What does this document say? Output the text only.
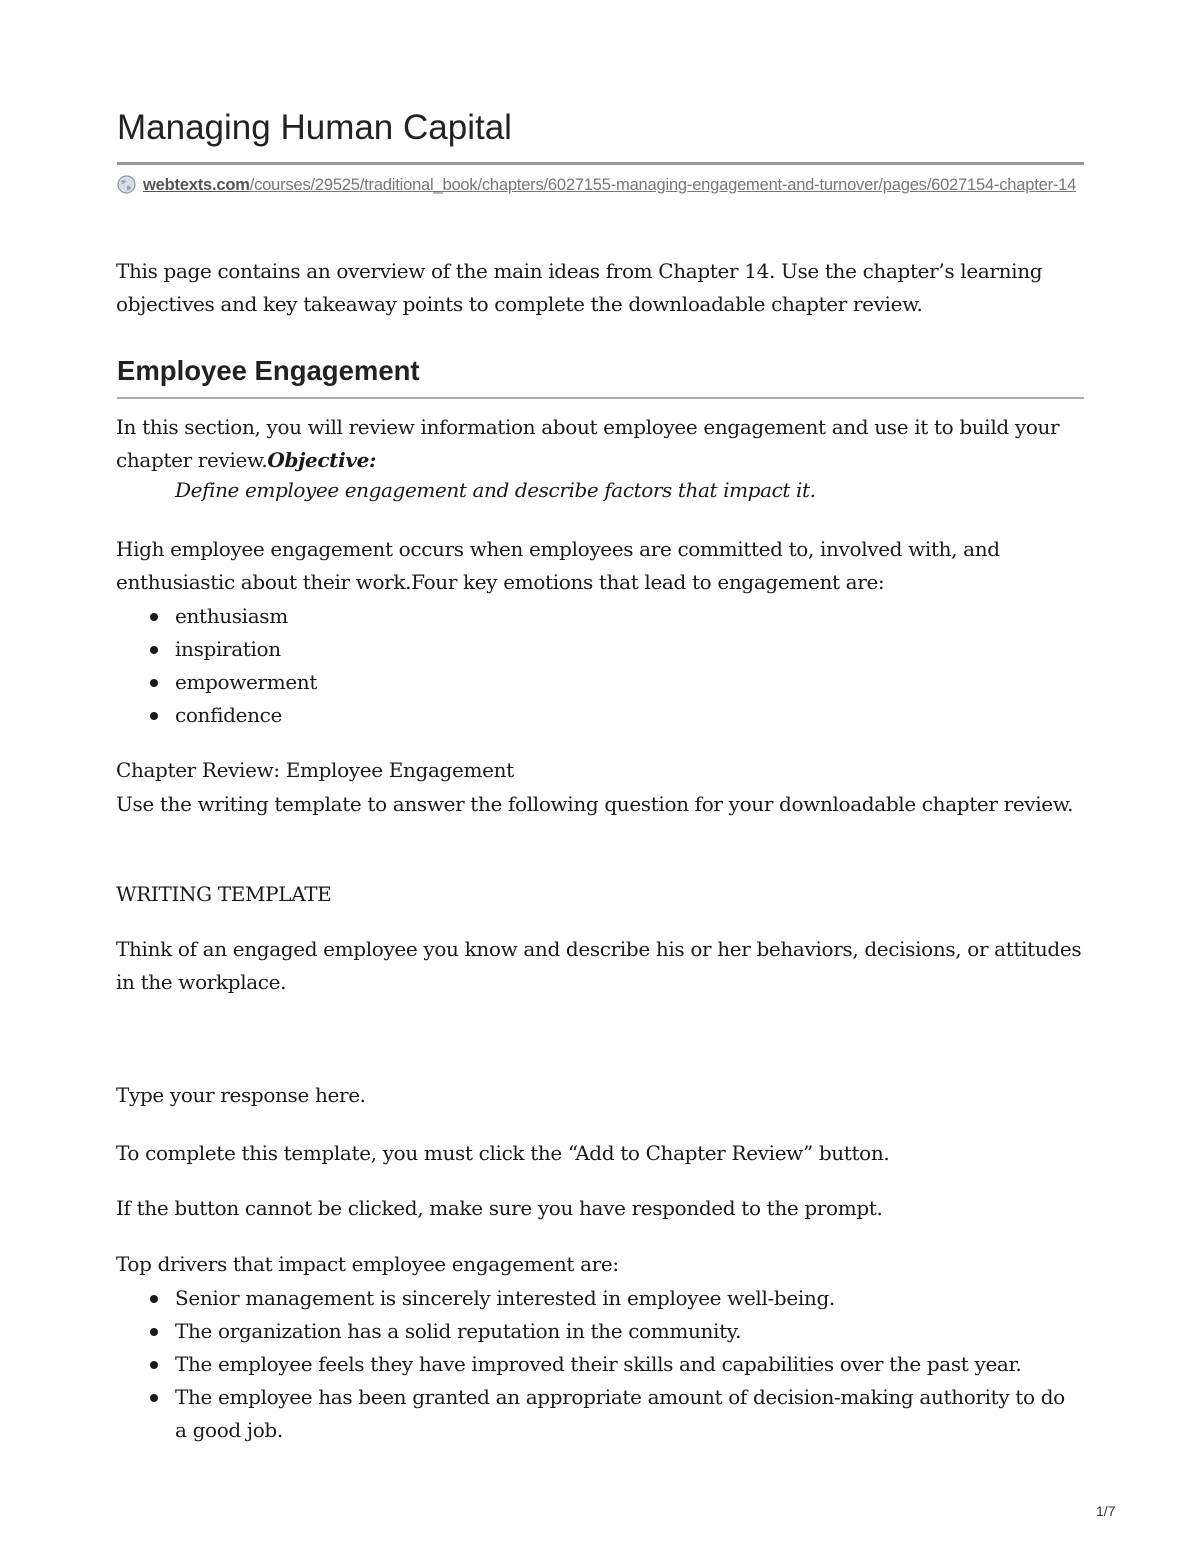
Managing Human Capital
webtexts.com/courses/29525/traditional_book/chapters/6027155-managing-engagement-and-turnover/pages/6027154-chapter-14

This page contains an overview of the main ideas from Chapter 14. Use the chapter’s learning objectives and key takeaway points to complete the downloadable chapter review.

Employee Engagement

In this section, you will review information about employee engagement and use it to build your chapter review.Objective:

Define employee engagement and describe factors that impact it.

High employee engagement occurs when employees are committed to, involved with, and enthusiastic about their work.Four key emotions that lead to engagement are:

enthusiasm
inspiration
empowerment
confidence

Chapter Review: Employee Engagement

Use the writing template to answer the following question for your downloadable chapter review.

WRITING TEMPLATE

Think of an engaged employee you know and describe his or her behaviors, decisions, or attitudes in the workplace.

Type your response here.

To complete this template, you must click the “Add to Chapter Review” button.

If the button cannot be clicked, make sure you have responded to the prompt.

Top drivers that impact employee engagement are:

Senior management is sincerely interested in employee well-being.
The organization has a solid reputation in the community.
The employee feels they have improved their skills and capabilities over the past year.
The employee has been granted an appropriate amount of decision-making authority to do a good job.
1/7
